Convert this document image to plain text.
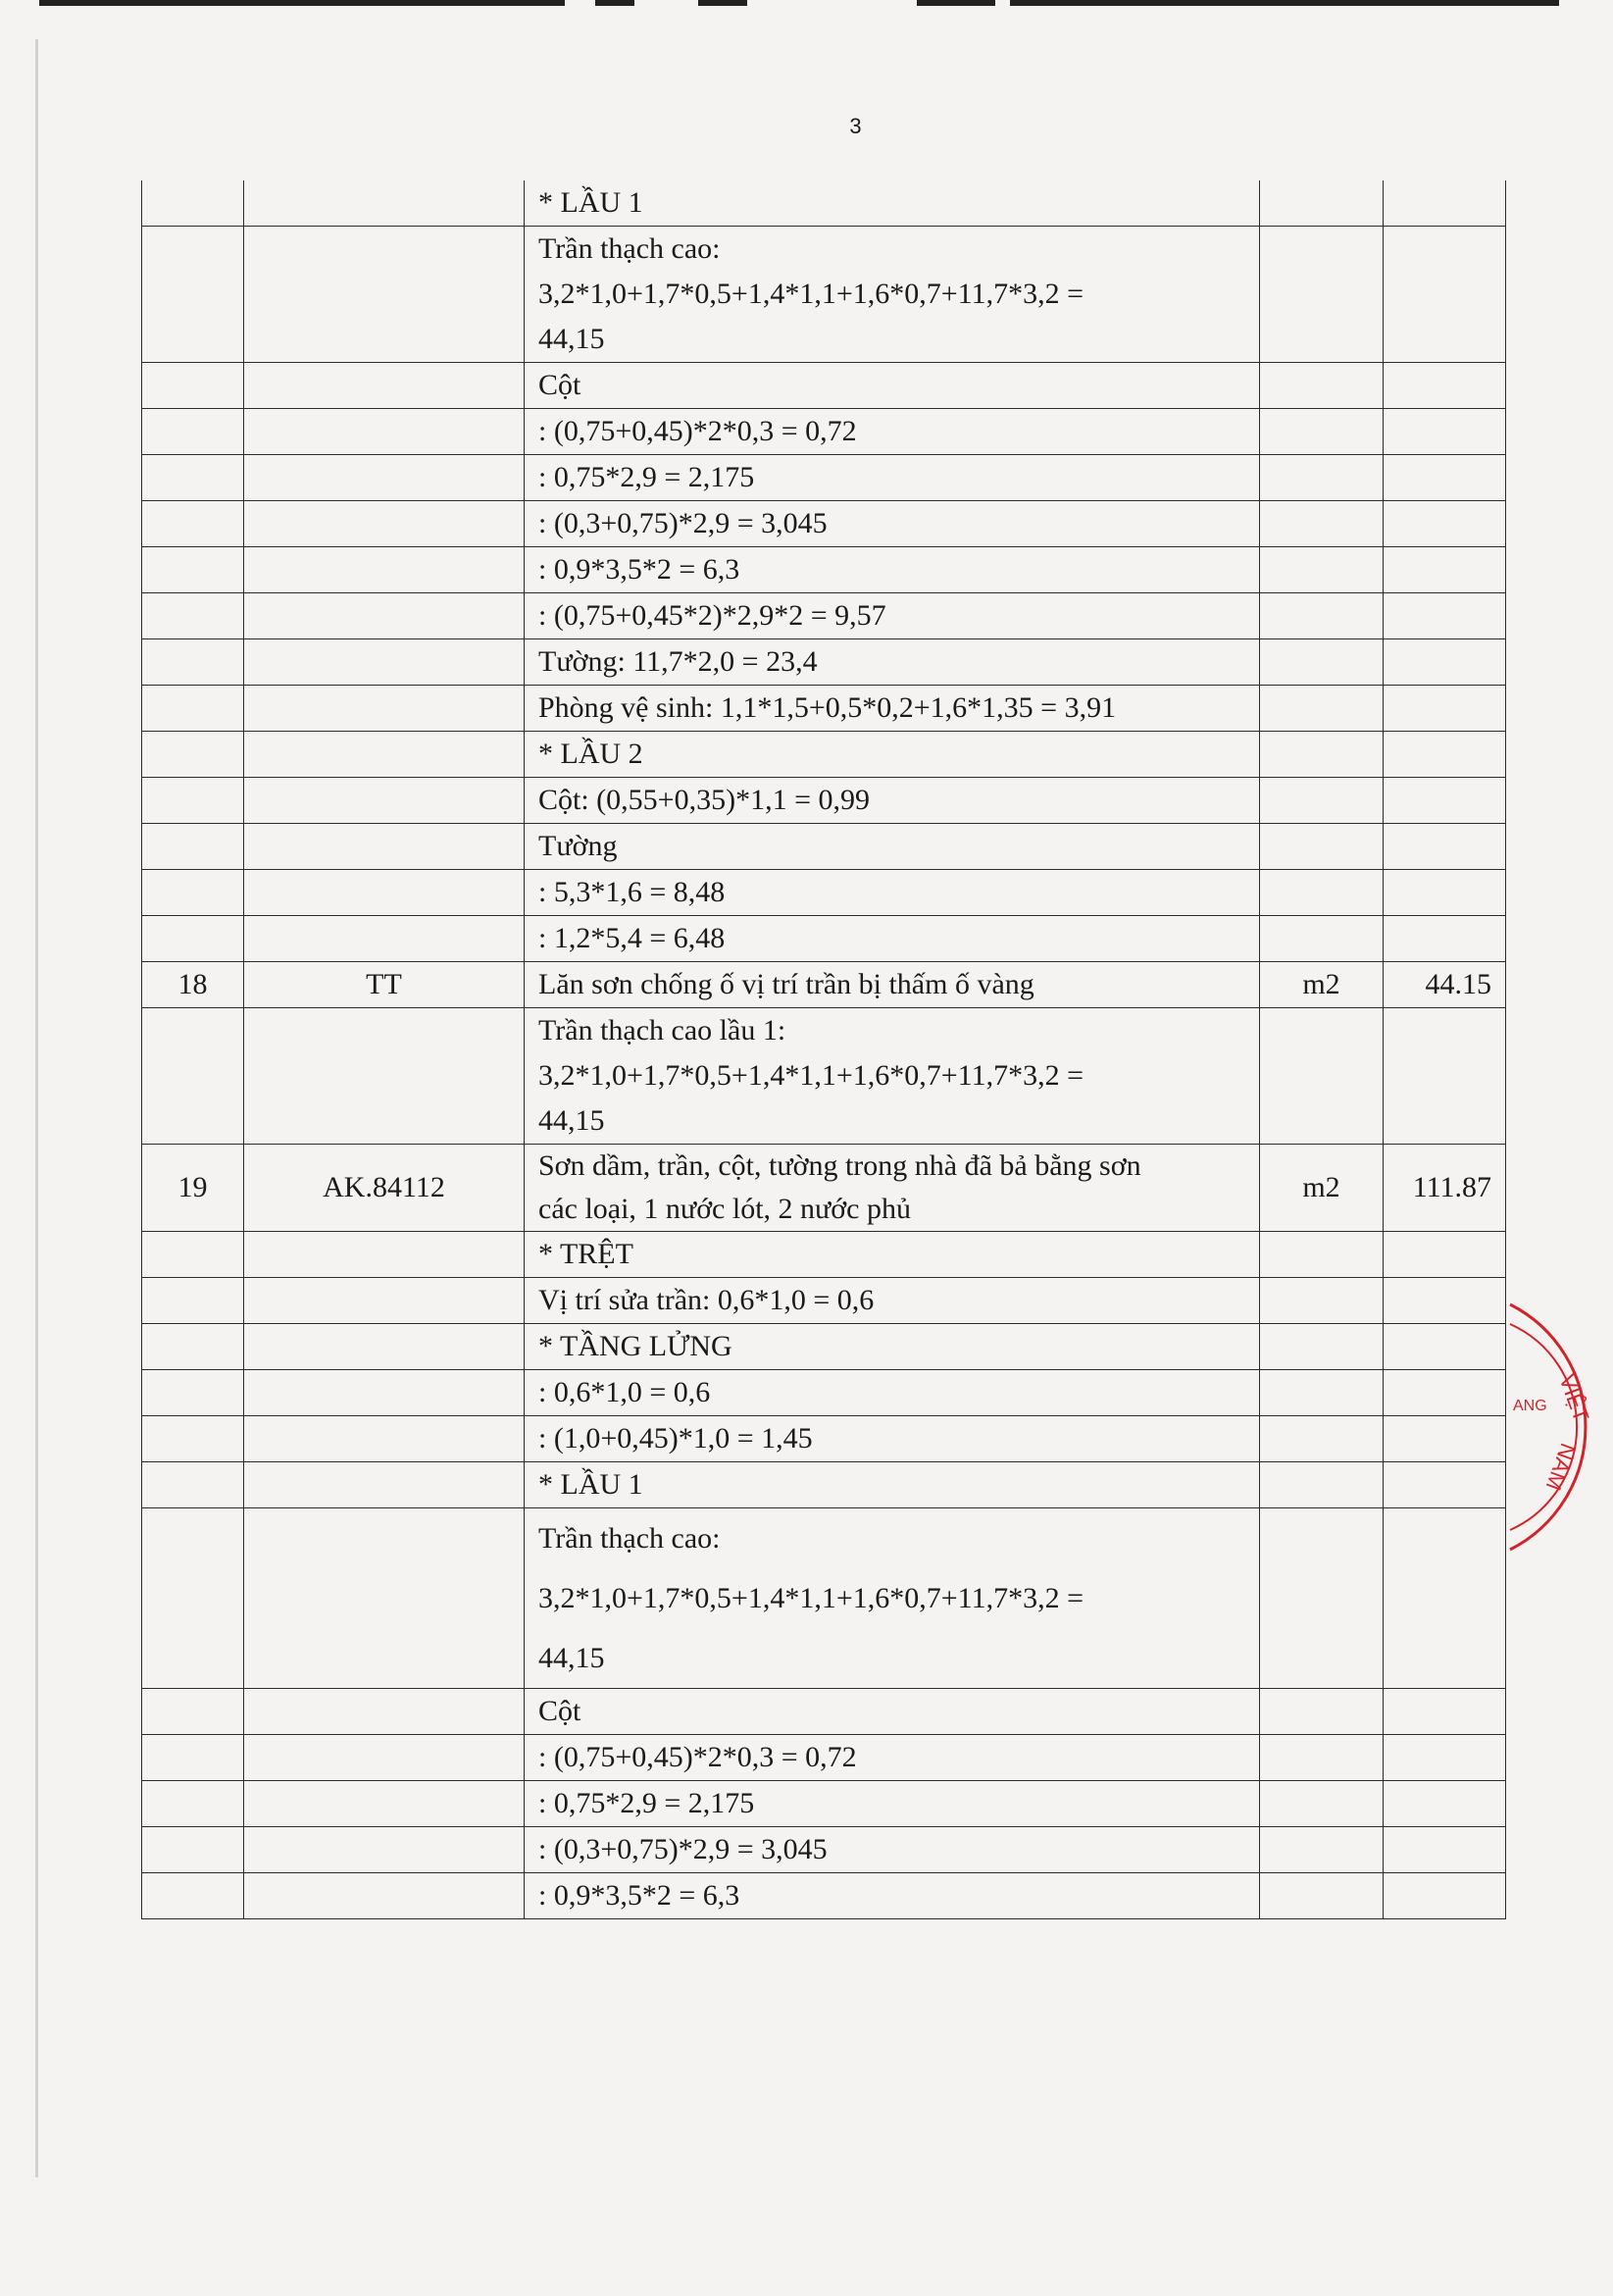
3
		* LẦU 1		
		Trần thạch cao:
3,2*1,0+1,7*0,5+1,4*1,1+1,6*0,7+11,7*3,2 =
44,15		
		Cột		
		: (0,75+0,45)*2*0,3 = 0,72		
		: 0,75*2,9 = 2,175		
		: (0,3+0,75)*2,9 = 3,045		
		: 0,9*3,5*2 = 6,3		
		: (0,75+0,45*2)*2,9*2 = 9,57		
		Tường: 11,7*2,0 = 23,4		
		Phòng vệ sinh: 1,1*1,5+0,5*0,2+1,6*1,35 = 3,91		
		* LẦU 2		
		Cột: (0,55+0,35)*1,1 = 0,99		
		Tường		
		: 5,3*1,6 = 8,48		
		: 1,2*5,4 = 6,48		
18	TT	Lăn sơn chống ố vị trí trần bị thấm ố vàng	m2	44.15
		Trần thạch cao lầu 1:
3,2*1,0+1,7*0,5+1,4*1,1+1,6*0,7+11,7*3,2 =
44,15		
19	AK.84112	Sơn dầm, trần, cột, tường trong nhà đã bả bằng sơn
các loại, 1 nước lót, 2 nước phủ	m2	111.87
		* TRỆT		
		Vị trí sửa trần: 0,6*1,0 = 0,6		
		* TẦNG LỬNG		
		: 0,6*1,0 = 0,6		
		: (1,0+0,45)*1,0 = 1,45		
		* LẦU 1		
		Trần thạch cao:
3,2*1,0+1,7*0,5+1,4*1,1+1,6*0,7+11,7*3,2 =
44,15		
		Cột		
		: (0,75+0,45)*2*0,3 = 0,72		
		: 0,75*2,9 = 2,175		
		: (0,3+0,75)*2,9 = 3,045		
		: 0,9*3,5*2 = 6,3		
VIỆT
ANG
NAM
